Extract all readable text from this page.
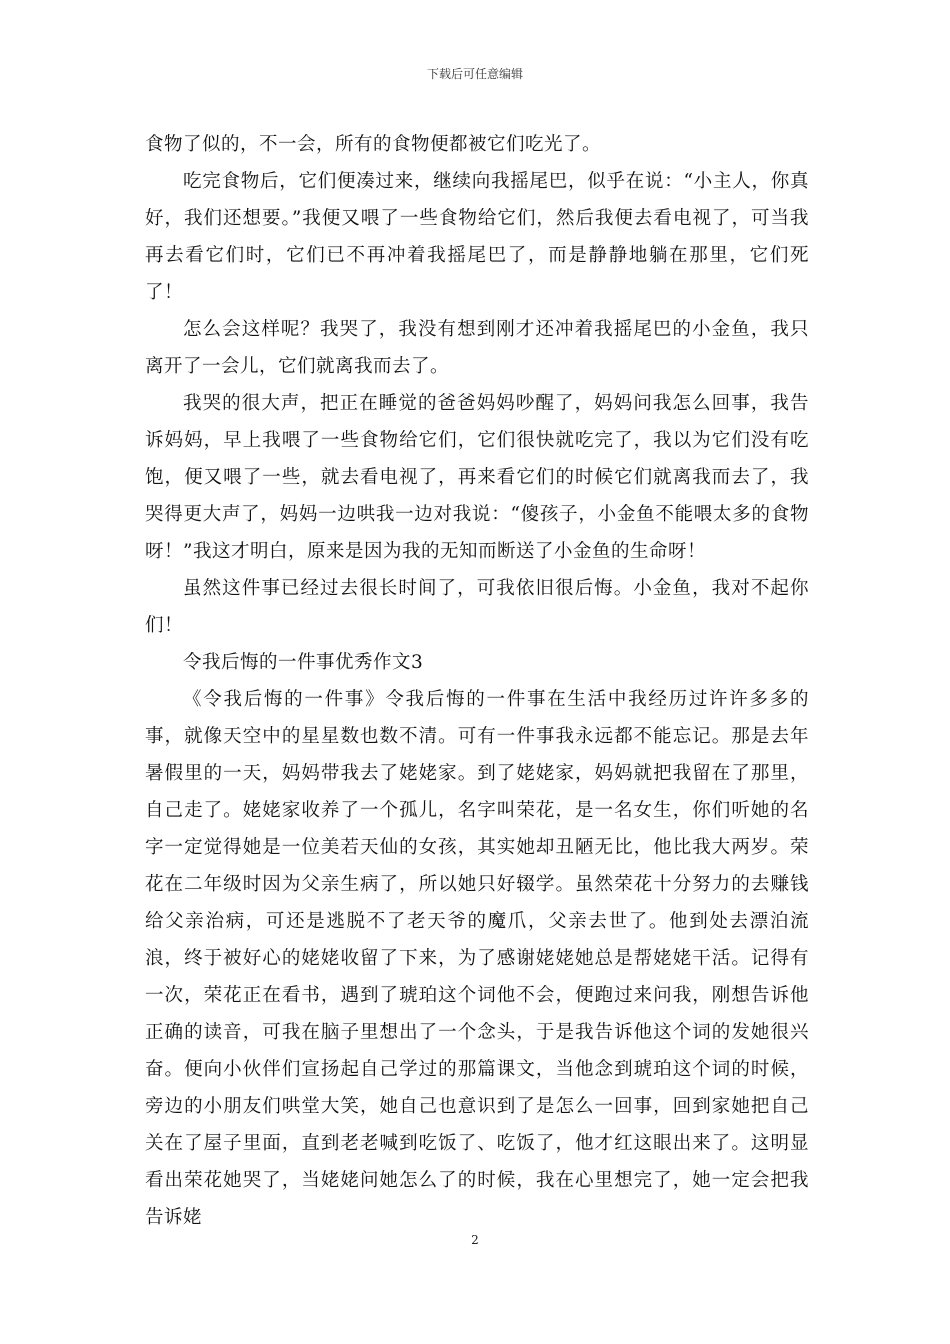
下载后可任意编辑

食物了似的，不一会，所有的食物便都被它们吃光了。

吃完食物后，它们便凑过来，继续向我摇尾巴，似乎在说：“小主人，你真好，我们还想要。”我便又喂了一些食物给它们，然后我便去看电视了，可当我再去看它们时，它们已不再冲着我摇尾巴了，而是静静地躺在那里，它们死了！

怎么会这样呢？我哭了，我没有想到刚才还冲着我摇尾巴的小金鱼，我只离开了一会儿，它们就离我而去了。

我哭的很大声，把正在睡觉的爸爸妈妈吵醒了，妈妈问我怎么回事，我告诉妈妈，早上我喂了一些食物给它们，它们很快就吃完了，我以为它们没有吃饱，便又喂了一些，就去看电视了，再来看它们的时候它们就离我而去了，我哭得更大声了，妈妈一边哄我一边对我说：“傻孩子，小金鱼不能喂太多的食物呀！”我这才明白，原来是因为我的无知而断送了小金鱼的生命呀！

虽然这件事已经过去很长时间了，可我依旧很后悔。小金鱼，我对不起你们！

令我后悔的一件事优秀作文3

《令我后悔的一件事》令我后悔的一件事在生活中我经历过许许多多的事，就像天空中的星星数也数不清。可有一件事我永远都不能忘记。那是去年暑假里的一天，妈妈带我去了姥姥家。到了姥姥家，妈妈就把我留在了那里，自己走了。姥姥家收养了一个孤儿，名字叫荣花，是一名女生，你们听她的名字一定觉得她是一位美若天仙的女孩，其实她却丑陋无比，他比我大两岁。荣花在二年级时因为父亲生病了，所以她只好辍学。虽然荣花十分努力的去赚钱给父亲治病，可还是逃脱不了老天爷的魔爪，父亲去世了。他到处去漂泊流浪，终于被好心的姥姥收留了下来，为了感谢姥姥她总是帮姥姥干活。记得有一次，荣花正在看书，遇到了琥珀这个词他不会，便跑过来问我，刚想告诉他正确的读音，可我在脑子里想出了一个念头，于是我告诉他这个词的发她很兴奋。便向小伙伴们宣扬起自己学过的那篇课文，当他念到琥珀这个词的时候，旁边的小朋友们哄堂大笑，她自己也意识到了是怎么一回事，回到家她把自己关在了屋子里面，直到老老喊到吃饭了、吃饭了，他才红这眼出来了。这明显看出荣花她哭了，当姥姥问她怎么了的时候，我在心里想完了，她一定会把我告诉姥

2
